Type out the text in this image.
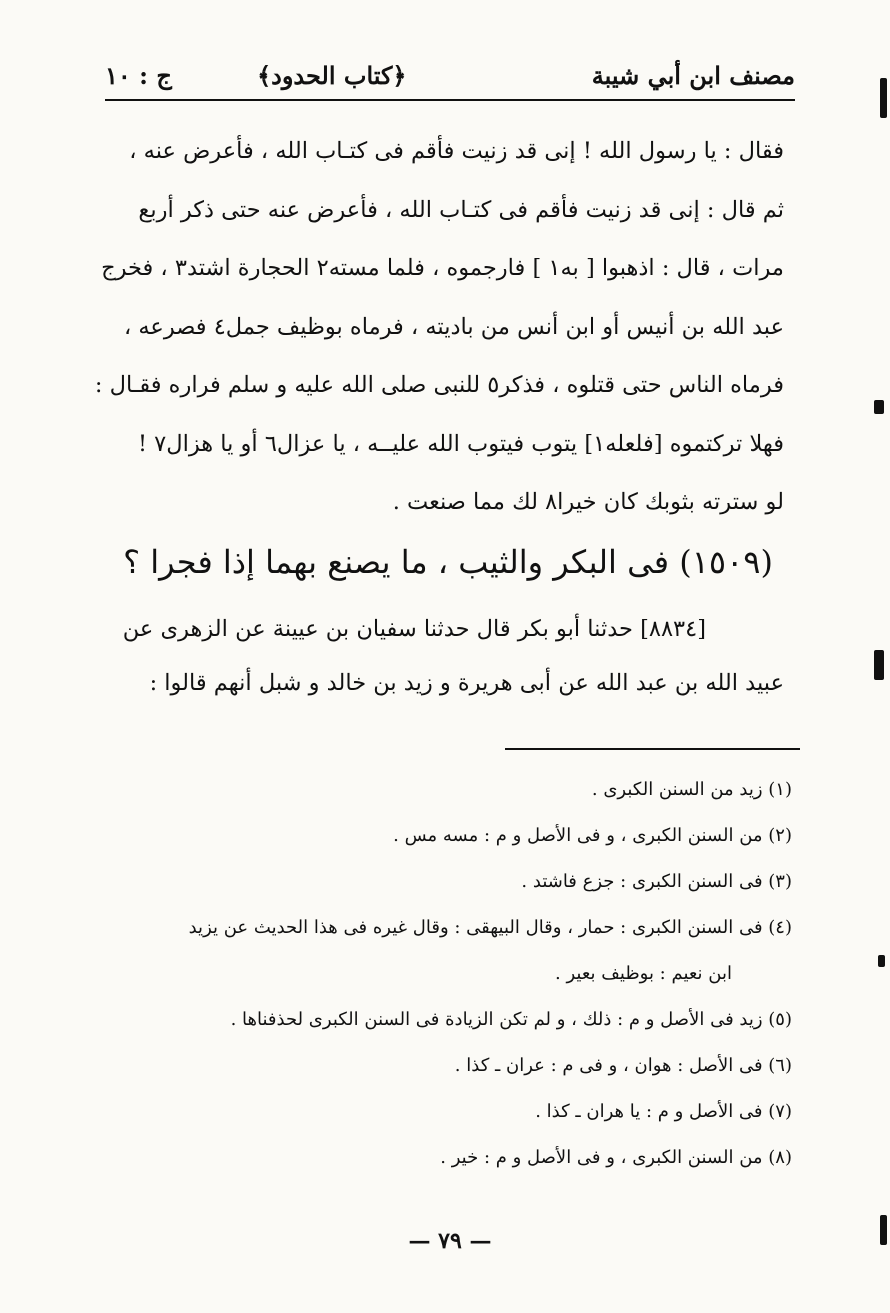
مصنف ابن أبي شيبة
﴿كتاب الحدود﴾
ج : ١٠
فقال : يا رسول الله ! إنى قد زنيت فأقم فى كتـاب الله ، فأعرض عنه ،
ثم قال : إنى قد زنيت فأقم فى كتـاب الله ، فأعرض عنه حتى ذكر أربع
مرات ، قال : اذهبوا [ به١ ] فارجموه ، فلما مسته٢ الحجارة اشتد٣ ، فخرج
عبد الله بن أنيس أو ابن أنس من باديته ، فرماه بوظيف جمل٤ فصرعه ،
فرماه الناس حتى قتلوه ، فذكر٥ للنبى صلى الله عليه و سلم فراره فقـال :
فهلا تركتموه [فلعله١] يتوب فيتوب الله عليــه ، يا عزال٦ أو يا هزال٧ !
لو سترته بثوبك كان خيرا٨ لك مما صنعت .
(١٥٠٩) فى البكر والثيب ، ما يصنع بهما إذا فجرا ؟
[٨٨٣٤] حدثنا أبو بكر قال حدثنا سفيان بن عيينة عن الزهرى عن
عبيد الله بن عبد الله عن أبى هريرة و زيد بن خالد و شبل أنهم قالوا :
(١) زيد من السنن الكبرى .
(٢) من السنن الكبرى ، و فى الأصل و م : مسه مس .
(٣) فى السنن الكبرى : جزع فاشتد .
(٤) فى السنن الكبرى : حمار ، وقال البيهقى : وقال غيره فى هذا الحديث عن يزيد
ابن نعيم : بوظيف بعير .
(٥) زيد فى الأصل و م : ذلك ، و لم تكن الزيادة فى السنن الكبرى لحذفناها .
(٦) فى الأصل : هوان ، و فى م : عران ـ كذا .
(٧) فى الأصل و م : يا هران ـ كذا .
(٨) من السنن الكبرى ، و فى الأصل و م : خير .
— ٧٩ —
